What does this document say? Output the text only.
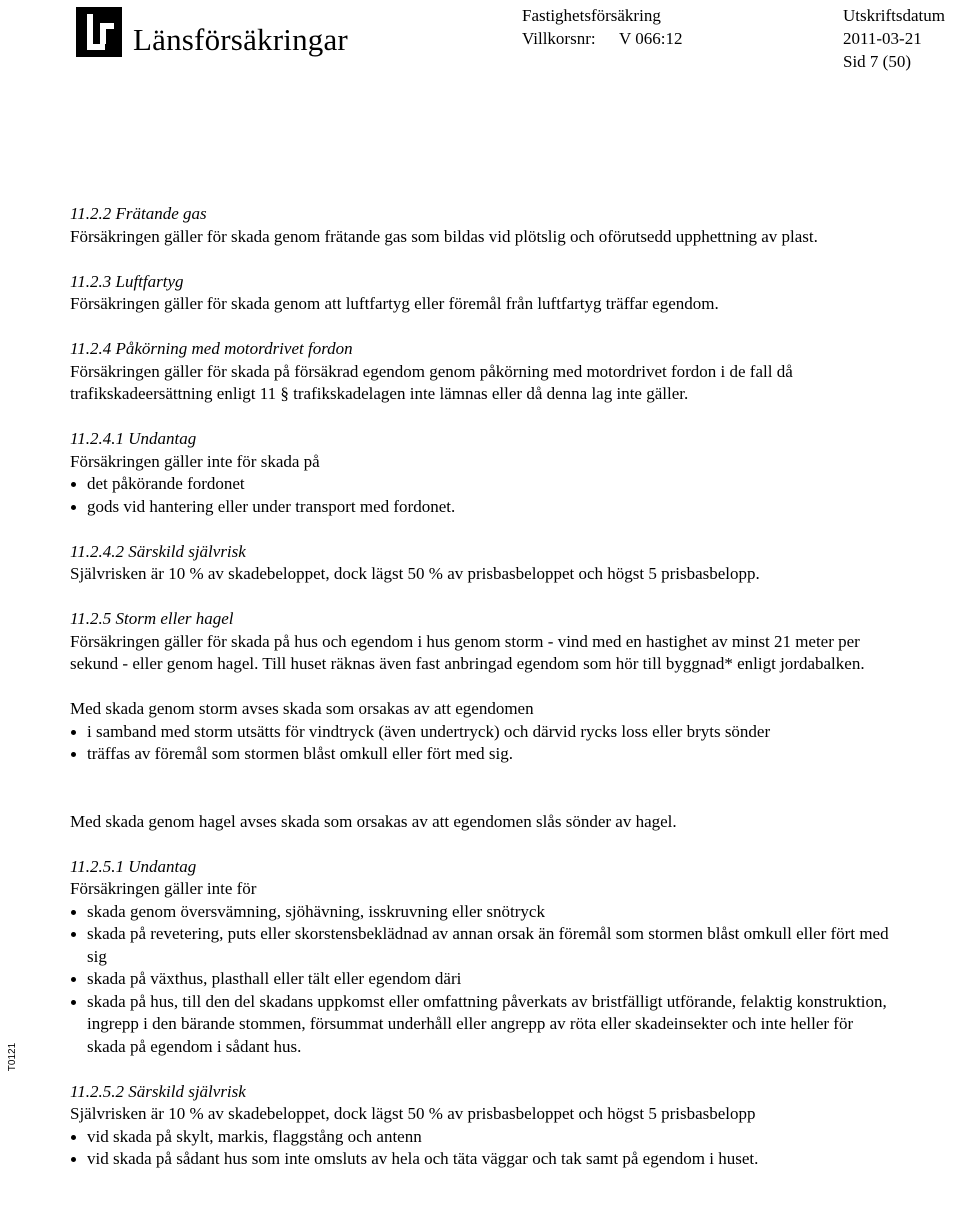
Länsförsäkringar
Fastighetsförsäkring
Villkorsnr: V 066:12
Utskriftsdatum
2011-03-21
Sid 7 (50)

11.2.2 Frätande gas

Försäkringen gäller för skada genom frätande gas som bildas vid plötslig och oförutsedd upphettning av plast.

11.2.3 Luftfartyg

Försäkringen gäller för skada genom att luftfartyg eller föremål från luftfartyg träffar egendom.

11.2.4 Påkörning med motordrivet fordon

Försäkringen gäller för skada på försäkrad egendom genom påkörning med motordrivet fordon i de fall då trafikskadeersättning enligt 11 § trafikskadelagen inte lämnas eller då denna lag inte gäller.

11.2.4.1 Undantag

Försäkringen gäller inte för skada på

det påkörande fordonet
gods vid hantering eller under transport med fordonet.

11.2.4.2 Särskild självrisk

Självrisken är 10 % av skadebeloppet, dock lägst 50 % av prisbasbeloppet och högst 5 prisbasbelopp.

11.2.5 Storm eller hagel

Försäkringen gäller för skada på hus och egendom i hus genom storm - vind med en hastighet av minst 21 meter per sekund - eller genom hagel. Till huset räknas även fast anbringad egendom som hör till byggnad* enligt jordabalken.

Med skada genom storm avses skada som orsakas av att egendomen

i samband med storm utsätts för vindtryck (även undertryck) och därvid rycks loss eller bryts sönder
träffas av föremål som stormen blåst omkull eller fört med sig.

Med skada genom hagel avses skada som orsakas av att egendomen slås sönder av hagel.

11.2.5.1 Undantag

Försäkringen gäller inte för

skada genom översvämning, sjöhävning, isskruvning eller snötryck
skada på revetering, puts eller skorstensbeklädnad av annan orsak än föremål som stormen blåst omkull eller fört med sig
skada på växthus, plasthall eller tält eller egendom däri
skada på hus, till den del skadans uppkomst eller omfattning påverkats av bristfälligt utförande, felaktig konstruktion, ingrepp i den bärande stommen, försummat underhåll eller angrepp av röta eller skadeinsekter och inte heller för skada på egendom i sådant hus.

11.2.5.2 Särskild självrisk

Självrisken är 10 % av skadebeloppet, dock lägst 50 % av prisbasbeloppet och högst 5 prisbasbelopp

vid skada på skylt, markis, flaggstång och antenn
vid skada på sådant hus som inte omsluts av hela och täta väggar och tak samt på egendom i huset.
T0121
